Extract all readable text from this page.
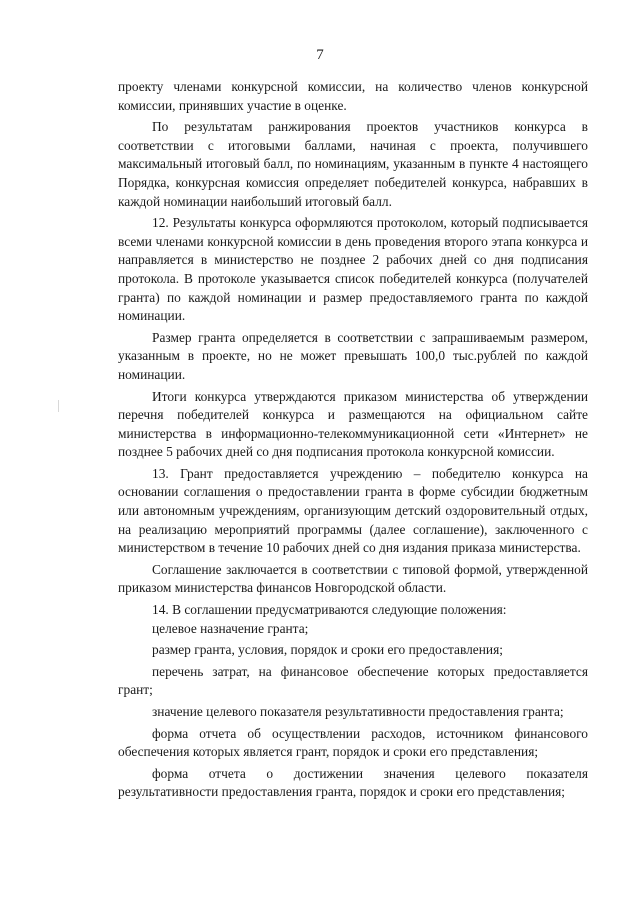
7

проекту членами конкурсной комиссии, на количество членов конкурсной комиссии, принявших участие в оценке.

По результатам ранжирования проектов участников конкурса в соответствии с итоговыми баллами, начиная с проекта, получившего максимальный итоговый балл, по номинациям, указанным в пункте 4 настоящего Порядка, конкурсная комиссия определяет победителей конкурса, набравших в каждой номинации наибольший итоговый балл.

12. Результаты конкурса оформляются протоколом, который подписывается всеми членами конкурсной комиссии в день проведения второго этапа конкурса и направляется в министерство не позднее 2 рабочих дней со дня подписания протокола. В протоколе указывается список победителей конкурса (получателей гранта) по каждой номинации и размер предоставляемого гранта по каждой номинации.

Размер гранта определяется в соответствии с запрашиваемым размером, указанным в проекте, но не может превышать 100,0 тыс.рублей по каждой номинации.

Итоги конкурса утверждаются приказом министерства об утверждении перечня победителей конкурса и размещаются на официальном сайте министерства в информационно-телекоммуникационной сети «Интернет» не позднее 5 рабочих дней со дня подписания протокола конкурсной комиссии.

13. Грант предоставляется учреждению – победителю конкурса на основании соглашения о предоставлении гранта в форме субсидии бюджетным или автономным учреждениям, организующим детский оздоровительный отдых, на реализацию мероприятий программы (далее соглашение), заключенного с министерством в течение 10 рабочих дней со дня издания приказа министерства.

Соглашение заключается в соответствии с типовой формой, утвержденной приказом министерства финансов Новгородской области.

14. В соглашении предусматриваются следующие положения:

целевое назначение гранта;

размер гранта, условия, порядок и сроки его предоставления;

перечень затрат, на финансовое обеспечение которых предоставляется грант;

значение целевого показателя результативности предоставления гранта;

форма отчета об осуществлении расходов, источником финансового обеспечения которых является грант, порядок и сроки его представления;

форма отчета о достижении значения целевого показателя результативности предоставления гранта, порядок и сроки его представления;
